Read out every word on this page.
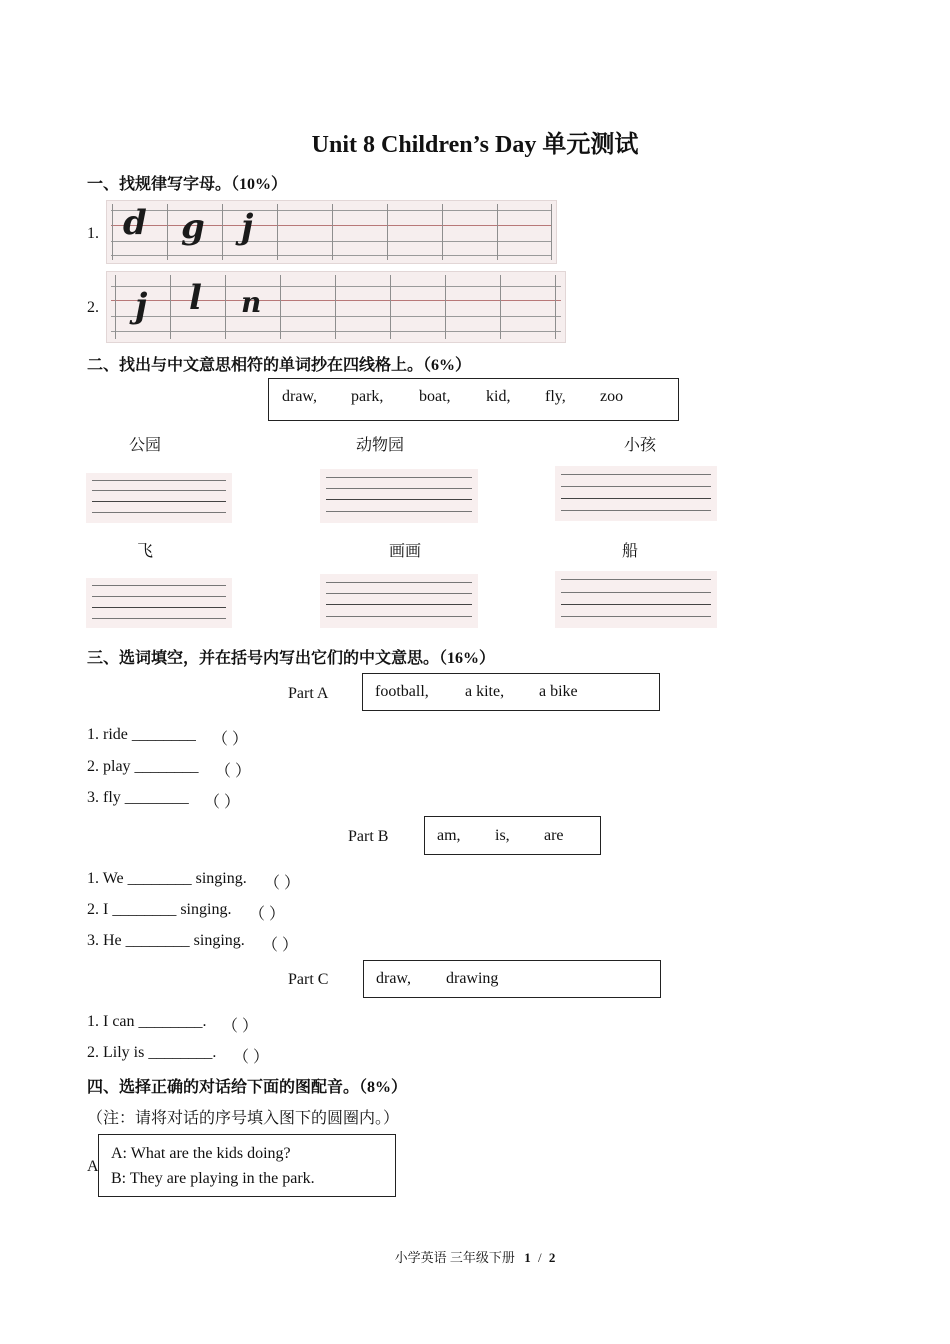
Unit 8 Children’s Day 单元测试
一、找规律写字母。（10%）
1. d g j
2. j l n
二、找出与中文意思相符的单词抄在四线格上。（6%）
draw, park, boat, kid, fly, zoo
公园	动物园	小孩
飞	画画	船
三、选词填空，并在括号内写出它们的中文意思。（16%）
Part A	football, a kite, a bike
1. ride ________ （ ）
2. play ________ （ ）
3. fly ________ （ ）
Part B	am, is, are
1. We ________ singing. （ ）
2. I ________ singing. （ ）
3. He ________ singing. （ ）
Part C	draw, drawing
1. I can ________. （ ）
2. Lily is ________. （ ）
四、选择正确的对话给下面的图配音。（8%）
（注：请将对话的序号填入图下的圆圈内。）
A
A: What are the kids doing?
B: They are playing in the park.
小学英语 三年级下册 1 / 2
